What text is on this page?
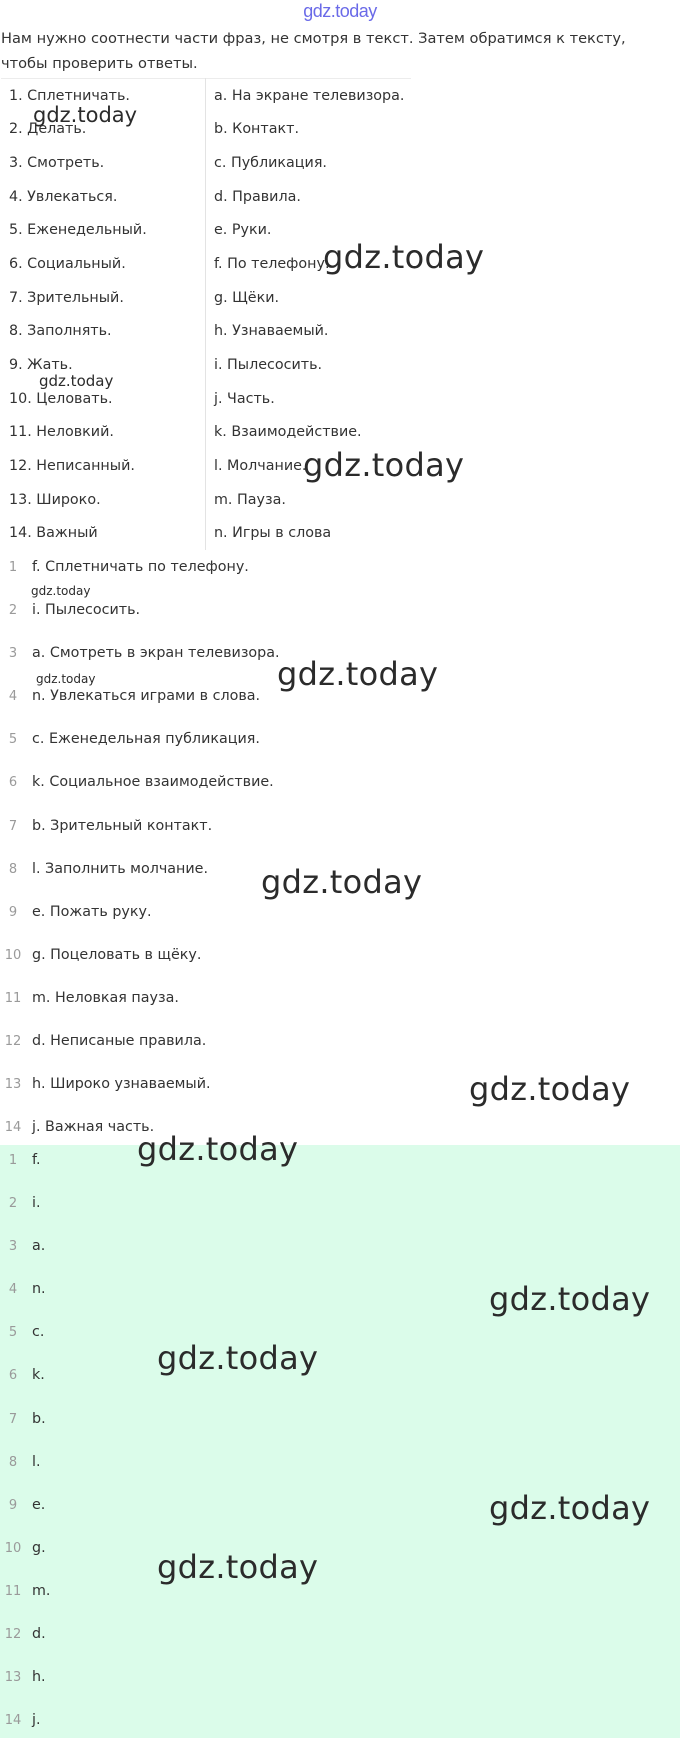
gdz.today
Нам нужно соотнести части фраз, не смотря в текст. Затем обратимся к тексту, чтобы проверить ответы.
1. Сплетничать.	a. На экране телевизора.
2. Делать.	b. Контакт.
3. Смотреть.	c. Публикация.
4. Увлекаться.	d. Правила.
5. Еженедельный.	e. Руки.
6. Социальный.	f. По телефону.
7. Зрительный.	g. Щёки.
8. Заполнять.	h. Узнаваемый.
9. Жать.	i. Пылесосить.
10. Целовать.	j. Часть.
11. Неловкий.	k. Взаимодействие.
12. Неписанный.	l. Молчание.
13. Широко.	m. Пауза.
14. Важный	n. Игры в слова
1	f. Сплетничать по телефону.
2	i. Пылесосить.
3	a. Смотреть в экран телевизора.
4	n. Увлекаться играми в слова.
5	c. Еженедельная публикация.
6	k. Социальное взаимодействие.
7	b. Зрительный контакт.
8	l. Заполнить молчание.
9	e. Пожать руку.
10 g. Поцеловать в щёку.
11 m. Неловкая пауза.
12 d. Неписаные правила.
13 h. Широко узнаваемый.
14 j. Важная часть.
1	f.
2	i.
3	a.
4	n.
5	c.
6	k.
7	b.
8	l.
9	e.
10 g.
11 m.
12 d.
13 h.
14 j.
gdz.today
gdz.today
gdz.today
gdz.today
gdz.today
gdz.today
gdz.today
gdz.today
gdz.today
gdz.today
gdz.today
gdz.today
gdz.today
gdz.today
